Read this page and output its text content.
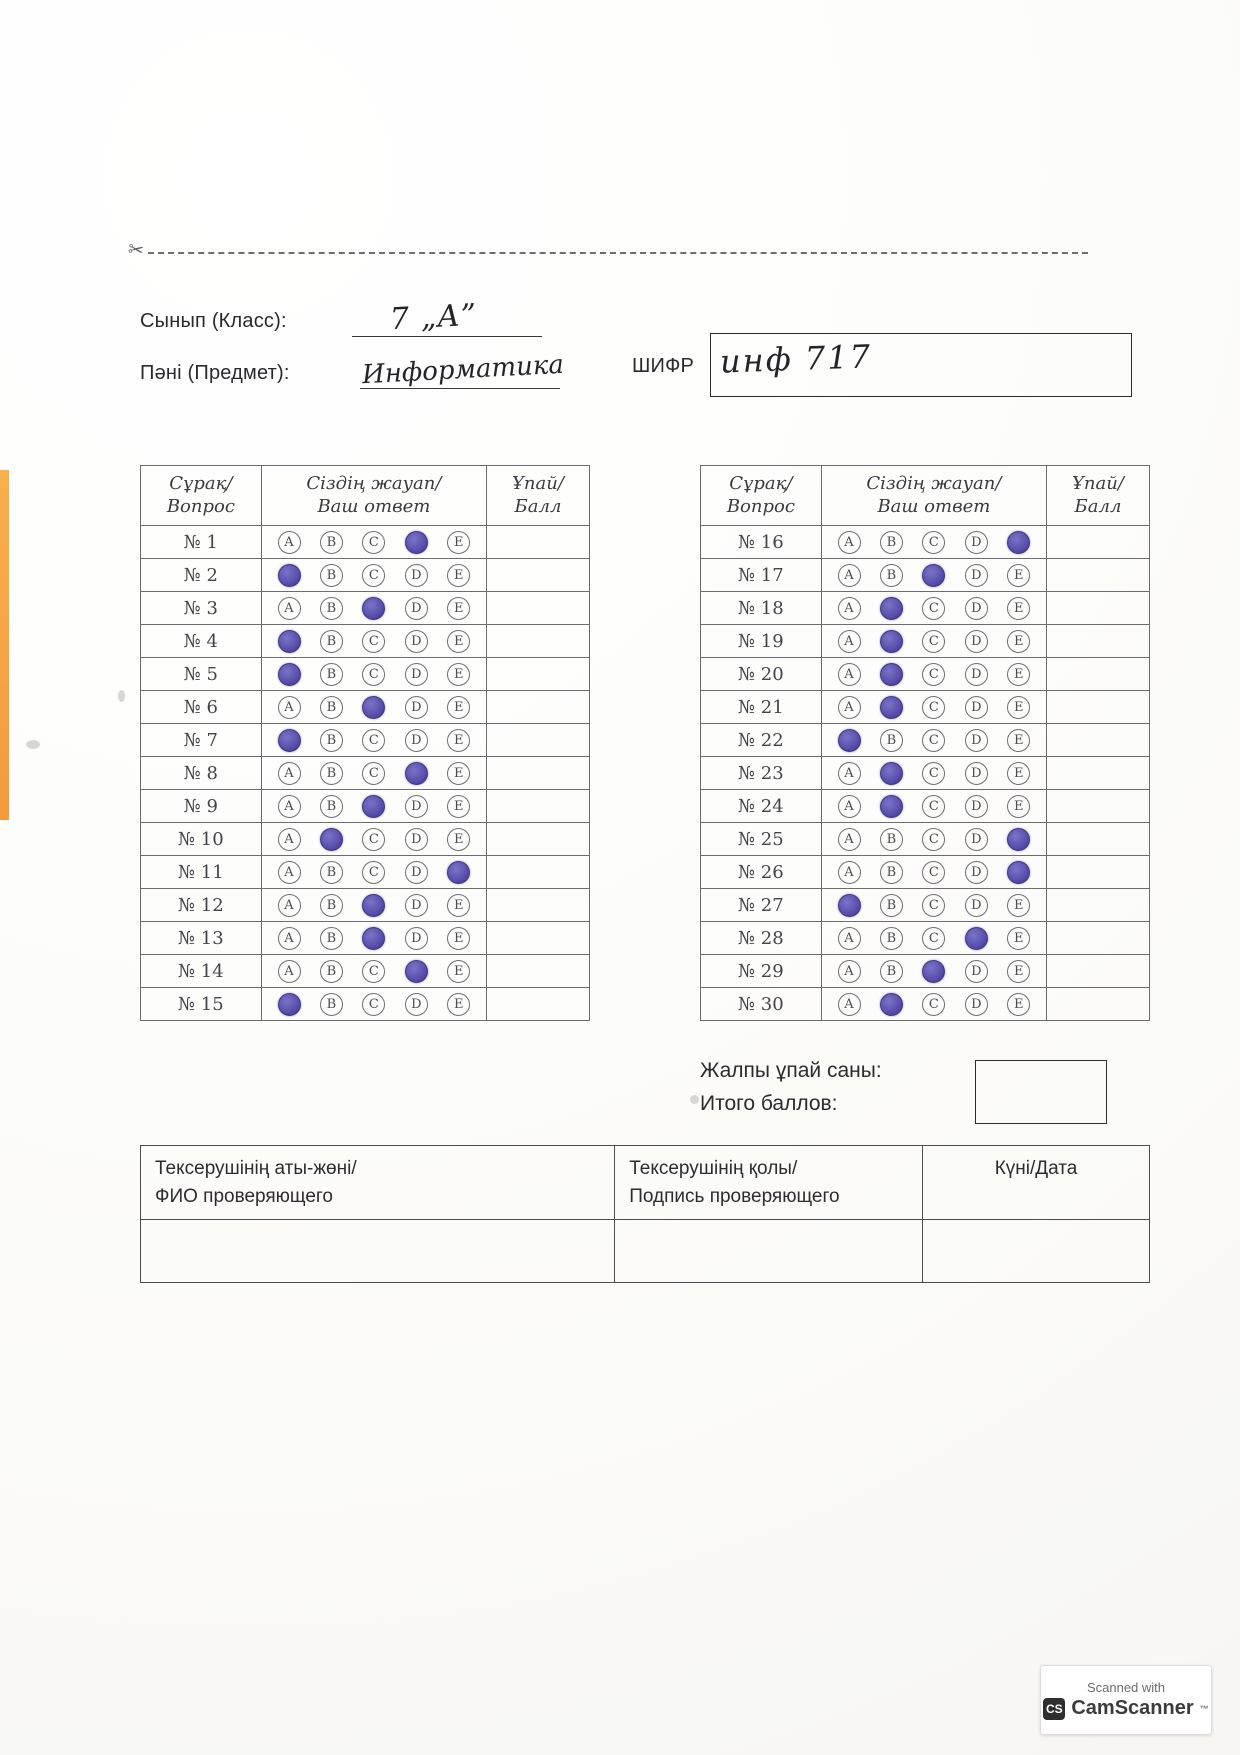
✂
Сынып (Класс):	7 „А”
Пәні (Предмет):	Информатика	ШИФР инф 717
Сұрақ/
Вопрос

Сіздің жауап/
Ваш ответ

Ұпай/
Балл

№ 1	A B C E	

№ 2	B C D E	

№ 3	A B D E	

№ 4	B C D E	

№ 5	B C D E	

№ 6	A B D E	

№ 7	B C D E	

№ 8	A B C E	

№ 9	A B D E	

№ 10	A C D E	

№ 11	A B C D	

№ 12	A B D E	

№ 13	A B D E	

№ 14	A B C E	

№ 15	B C D E	

Сұрақ/
Вопрос

Сіздің жауап/
Ваш ответ

Ұпай/
Балл

№ 16	A B C D	

№ 17	A B D E	

№ 18	A C D E	

№ 19	A C D E	

№ 20	A C D E	

№ 21	A C D E	

№ 22	B C D E	

№ 23	A C D E	

№ 24	A C D E	

№ 25	A B C D	

№ 26	A B C D	

№ 27	B C D E	

№ 28	A B C E	

№ 29	A B D E	

№ 30	A C D E	

Жалпы ұпай саны:
Итого баллов:
Тексерушінің аты-жөні/
ФИО проверяющего

Тексерушінің қолы/
Подпись проверяющего
	Күні/Дата

Scanned with
CS CamScanner ™
